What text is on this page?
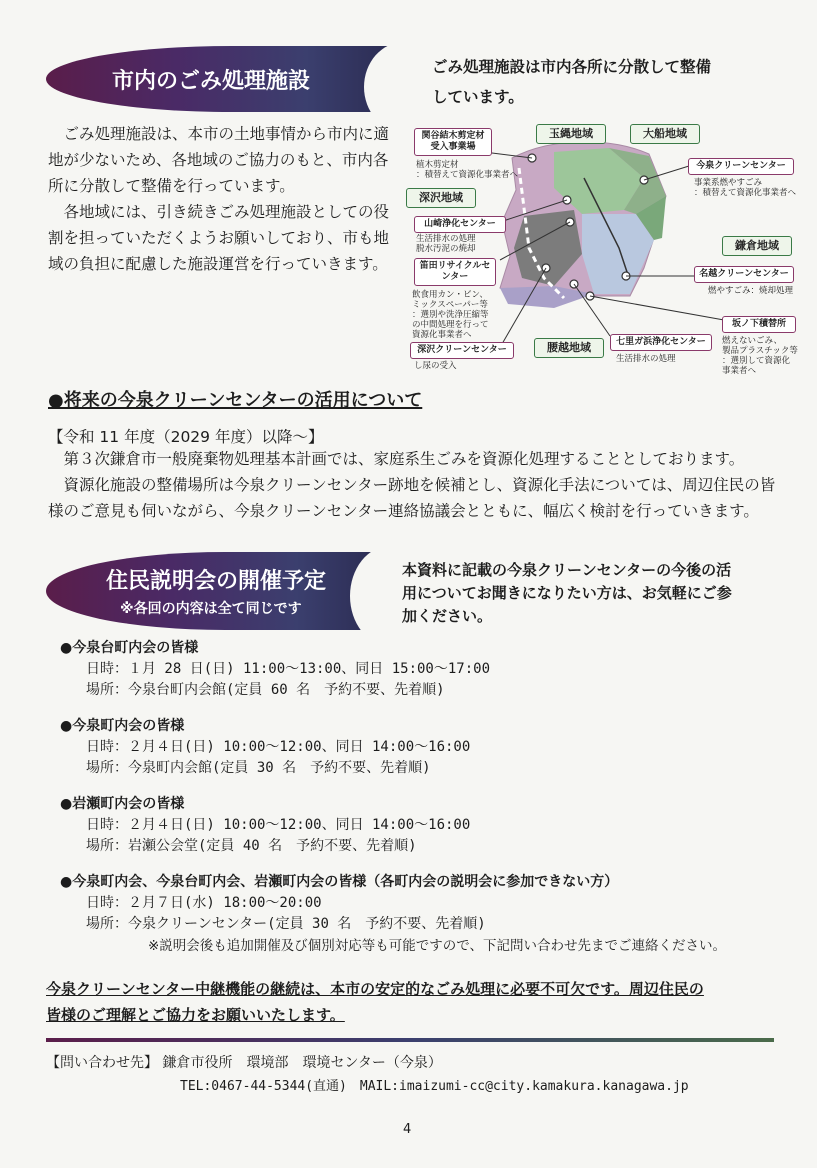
市内のごみ処理施設
ごみ処理施設は市内各所に分散して整備
しています。

ごみ処理施設は、本市の土地事情から市内に適地が少ないため、各地域のご協力のもと、市内各所に分散して整備を行っています。

各地域には、引き続きごみ処理施設としての役割を担っていただくようお願いしており、市も地域の負担に配慮した施設運営を行っていきます。

玉縄地域	大船地域
深沢地域
鎌倉地域
腰越地域
関谷結木剪定材受入事業場
植木剪定材
：積替えて資源化事業者へ
今泉クリーンセンター
事業系燃やすごみ
：積替えて資源化事業者へ
山崎浄化センター
生活排水の処理
脱水汚泥の焼却
笛田リサイクルセンター
飲食用カン・ビン、
ミックスペーパー等
：選別や洗浄圧縮等
の中間処理を行って
資源化事業者へ
名越クリーンセンター
燃やすごみ：焼却処理
深沢クリーンセンター
し尿の受入
七里ガ浜浄化センター
生活排水の処理
坂ノ下積替所
燃えないごみ、
製品プラスチック等
：選別して資源化
事業者へ
●将来の今泉クリーンセンターの活用について
【令和 11 年度（2029 年度）以降～】

第３次鎌倉市一般廃棄物処理基本計画では、家庭系生ごみを資源化処理することとしております。

資源化施設の整備場所は今泉クリーンセンター跡地を候補とし、資源化手法については、周辺住民の皆様のご意見も伺いながら、今泉クリーンセンター連絡協議会とともに、幅広く検討を行っていきます。

住民説明会の開催予定
※各回の内容は全て同じです
本資料に記載の今泉クリーンセンターの今後の活
用についてお聞きになりたい方は、お気軽にご参
加ください。

●今泉台町内会の皆様

日時：１月 28 日(日) 11:00～13:00、同日 15:00～17:00

場所：今泉台町内会館(定員 60 名　予約不要、先着順)

●今泉町内会の皆様

日時：２月４日(日) 10:00～12:00、同日 14:00～16:00

場所：今泉町内会館(定員 30 名　予約不要、先着順)

●岩瀬町内会の皆様

日時：２月４日(日) 10:00～12:00、同日 14:00～16:00

場所：岩瀬公会堂(定員 40 名　予約不要、先着順)

●今泉町内会、今泉台町内会、岩瀬町内会の皆様（各町内会の説明会に参加できない方）

日時：２月７日(水) 18:00～20:00

場所：今泉クリーンセンター(定員 30 名　予約不要、先着順)

※説明会後も追加開催及び個別対応等も可能ですので、下記問い合わせ先までご連絡ください。
今泉クリーンセンター中継機能の継続は、本市の安定的なごみ処理に必要不可欠です。周辺住民の
皆様のご理解とご協力をお願いいたします。
【問い合わせ先】 鎌倉市役所　環境部　環境センター（今泉）
TEL:0467-44-5344(直通)　MAIL:imaizumi-cc@city.kamakura.kanagawa.jp
4
